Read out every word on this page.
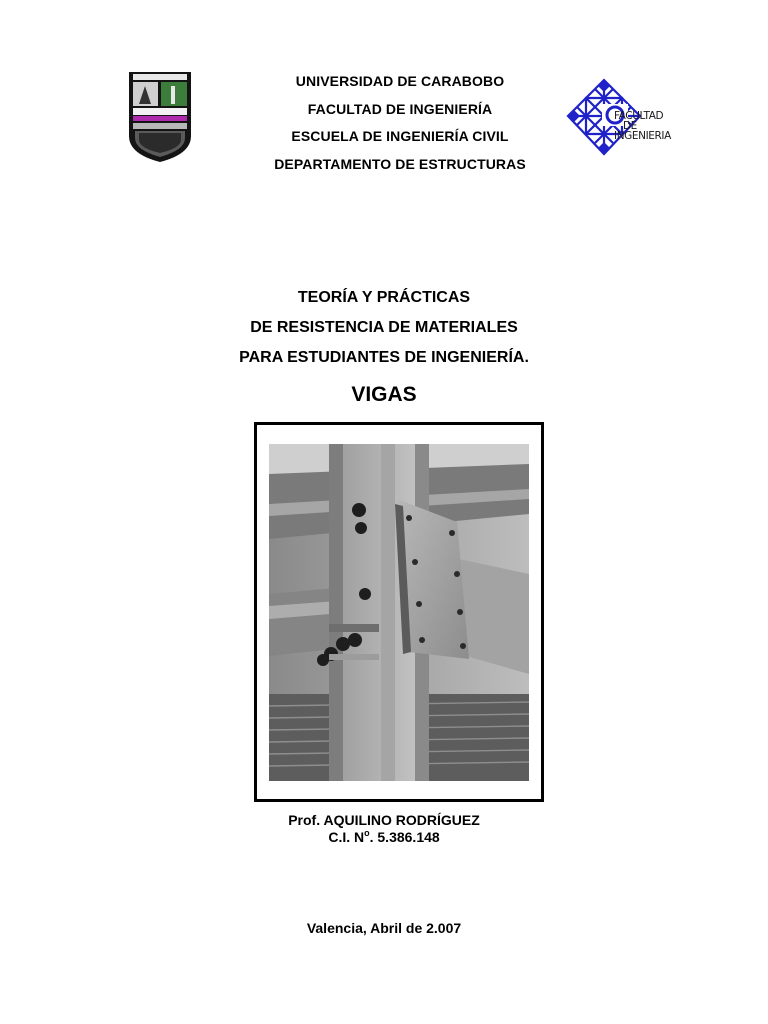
UNIVERSIDAD DE CARABOBO
FACULTAD DE INGENIERÍA
ESCUELA DE INGENIERÍA CIVIL
DEPARTAMENTO DE ESTRUCTURAS
FACULTAD
DE
INGENIERIA
TEORÍA Y PRÁCTICAS
DE RESISTENCIA DE MATERIALES
PARA ESTUDIANTES DE INGENIERÍA.
VIGAS
Prof. AQUILINO RODRÍGUEZ
C.I. $N^o$. 5.386.148
Valencia, Abril de 2.007
